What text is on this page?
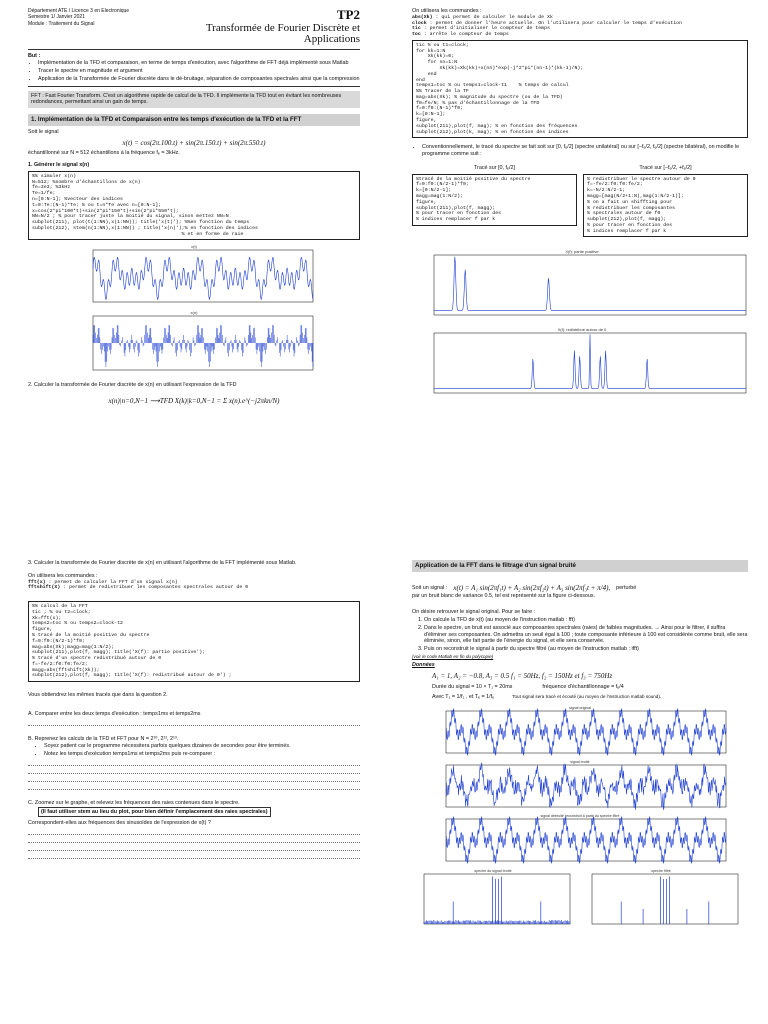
Département ATE / Licence 3 en Electronique
Semestre 1/ Janvier 2021
Module : Traitement du Signal
TP2
Transformée de Fourier Discrète et
Applications
But :
• Implémentation de la TFD et comparaison, en terme de temps d'exécution, avec l'algorithme de FFT déjà implémenté sous Matlab
• Tracer le spectre en magnitude et argument
• Application de la Transformée de Fourier discrète dans le dé-bruitage, séparation de composantes spectrales ainsi que la compression
FFT : Fast Fourier Transform. C'est un algorithme rapide de calcul de la TFD. Il implémente la TFD tout en évitant les nombreuses redondances, permettant ainsi un gain de temps.
1. Implémentation de la TFD et Comparaison entre les temps d'exécution de la TFD et la FFT
Soit le signal
x(t) = cos(2π.100.t) + sin(2π.150.t) + sin(2π.550.t)
échantillonné sur N = 512 échantillons à la fréquence fₑ = 3kHz.
1. Générer le signal x(n)
%% simuler x(n)
N=512; %nombre d'échantillons de x(n)
fe=3e3; %3kHz
Te=1/fe;
n=[0:N-1]; %vecteur des indices
t=0:Te:(N-1)*Te; % ou t=n*Te avec n=[0:N-1];
x=cos(2*pi*100*t)+sin(2*pi*150*t)+sin(2*pi*550*t);
NN=N/2 ; % pour tracer juste la moitié du signal, sinon mettez NN=N
subplot(211), plot(t(1:NN),x(1:NN)); title('x(t)'); %%en fonction du temps
subplot(212), stem(n(1:NN),x(1:NN)) ; title('x(n)');% en fonction des indices
% et en forme de raie
x(t)
x(n)
2. Calculer la transformée de Fourier discrète de x(n) en utilisant l'expression de la TFD
x(n)|n=0,N−1 ⟶TFD X(k)|k=0,N−1 = Σ x(n).e^(−j2πkn/N)
On utilisera les commandes :
abs(Xk) : qui permet de calculer le module de Xk
clock : permet de donner l'heure actuelle. On l'utilisera pour calculer le temps d'exécution
tic : permet d'initialiser le compteur de temps
toc : arrête le compteur de temps
tic % ou t1=clock;
for kk=1:N
Xk(kk)=0;
for nn=1:N
Xk(kk)=Xk(kk)+x(nn)*exp(-j*2*pi*(nn-1)*(kk-1)/N);
end
end
temps1=toc % ou temps1=clock-t1    % temps de calcul
%% Tracer de la TF
mag=abs(Xk); % magnitude du spectre (ou de la TFD)
f0=fe/N; % pas d'échantillonnage de la TFD
f=0:f0:(N-1)*f0;
k=[0:N-1];
figure,
subplot(211),plot(f, mag); % en fonction des fréquences
subplot(212),plot(k, mag); % en fonction des indices
• Conventionnellement, le tracé du spectre se fait soit sur [0, fₑ/2] (spectre unilatéral) ou sur [−fₑ/2, fₑ/2] (spectre bilatéral), on modifie le programme comme suit :
Tracé sur [0, fₑ/2]
%tracé de la moitié positive du spectre
f=0:f0:(N/2-1)*f0;
k=[0:N/2-1];
magg=mag(1:N/2);
figure,
subplot(211),plot(f, magg);
% pour tracer en fonction des
% indices remplacer f par k
Tracé sur [−fₑ/2, +fₑ/2]
% redistribuer le spectre autour de 0
f=-fe/2:f0:f0:fe/2;
k=-N/2:N/2-1;
magg=[mag(N/2+1:N),mag(1:N/2-1)];
% on a fait un shiffting pour
% redistribuer les composantes
% spectrales autour de f0
subplot(212),plot(f, magg);
% pour tracer en fonction des
% indices remplacer f par k
X(f): partie positive
X(f): redistribué autour de 0
3. Calculer la transformée de Fourier discrète de x(n) en utilisant l'algorithme de la FFT implémenté sous Matlab.
On utilisera les commandes :
fft(x) : permet de calculer la FFT d'un signal x(n)
fftshift(X) : permet de redistribuer les composantes spectrales autour de 0
%% calcul de la FFT
tic ; % ou t2=clock;
Xk=fft(x);
temps2=toc % ou temps2=clock-t2
figure,
% tracé de la moitié positive du spectre
f=0:f0:(N/2-1)*f0;
mag=abs(Xk);magg=mag(1:N/2);
subplot(211),plot(f, magg); title('X(f): partie positive');
% tracé d'un spectre redistribué autour de 0
f=-fe/2:f0:f0:fe/2;
magg=abs(fftshift(Xk));
subplot(212),plot(f, magg); title('X(f): redistribué autour de 0') ;
Vous obtiendrez les mêmes tracés que dans la question 2.
A. Comparer entre les deux temps d'exécution : temps1ms et temps2ms
B. Reprenez les calculs de la TFD et FFT pour N = 2¹⁰, 2¹², 2¹³.
• Soyez patient car le programme nécessitera parfois quelques dizaines de secondes pour être terminés.
• Notez les temps d'exécution temps1ms et temps2ms puis re-comparer :
C. Zoomez sur le graphe, et relevez les fréquences des raies contenues dans le spectre.
(Il faut utiliser stem au lieu du plot, pour bien définir l'emplacement des raies spectrales)
Correspondent-elles aux fréquences des sinusoïdes de l'expression de x(t) ?
Application de la FFT dans le filtrage d'un signal bruité
Soit un signal : x(t) = A₁ sin(2πf₁t) + A₂ sin(2πf₂t) + A₃ sin(2πf₃t + π/4), perturbé
par un bruit blanc de variance 0.5, tel est représenté sur la figure ci-dessous.
On désire retrouver le signal original. Pour se faire :
1. On calcule la TFD de x(t) (au moyen de l'instruction matlab : fft)
2. Dans le spectre, un bruit est associé aux composantes spectrales (raies) de faibles magnitudes. → Ainsi pour le filtrer, il suffira d'éliminer ses composantes. On admettra un seuil égal à 100 ; toute composante inférieure à 100 est considérée comme bruit, elle sera éliminée, sinon, elle fait partie de l'énergie du signal, et elle sera conservée.
3. Puis on reconstruit le signal à partir du spectre filtré (au moyen de l'instruction matlab : ifft)
(voir le code Matlab en fin du polycopie)
Données
A₁ = 1, A₂ = −0.8, A₃ = 0.5 f₁ = 50Hz, f₂ = 150Hz et f₃ = 750Hz
Durée du signal = 10 × T₁ = 20ms	fréquence d'échantillonnage = fₑ/4
Avec T₁ = 1/f₁ , et Tₑ = 1/fₑ	Tout signal sera tracé et écouté (au moyen de l'instruction matlab sound).
signal original
signal bruité
signal débruité reconstruit à partir du spectre filtré
spectre du signal bruité	spectre filtré
